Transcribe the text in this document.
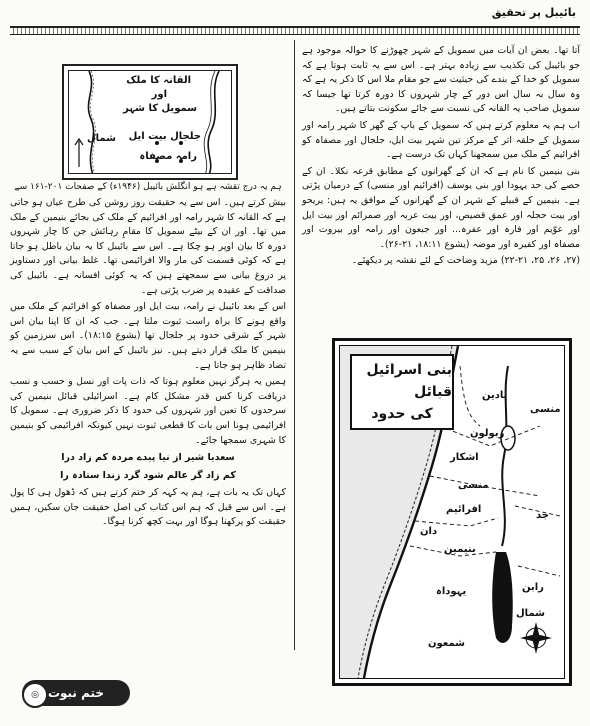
بائیبل پر تحقیق
القانہ کا ملک
اور
سمویل کا شہر
جلجال بیت ایل
رامہ مصفاہ
شمال
ہم یہ درج تقشہ ہے ہو انگلش بائیبل (۱۹۴۶ء) کے صفحات ۲۰۱-۱۶۱ سے

بیش کرتے ہیں۔ اس سے یہ حقیقت روز روشن کی طرح عیاں ہو جاتی ہے کہ القانہ کا شہر رامہ اور افرائیم کے ملک کی بجائے بنیمین کے ملک میں تھا۔ اور ان کے بیٹے سمویل کا مقامِ رہائش جن کا چار شہروں دورہ کا بیان اوپر ہو چکا ہے۔ اس سے بائیبل کا یہ بیان باطل ہو جاتا ہے کہ کوئی قسمت کی مار والا افرائیمی تھا۔ غلط بیانی اور دستاویز پر دروغ بیانی سے سمجھتے ہیں کہ یہ کوئی افسانہ ہے۔ بائیبل کی صداقت کے عقیدہ پر ضرب پڑتی ہے۔

اس کے بعد بائیبل نے رامہ، بیت ایل اور مصفاہ کو افرائیم کے ملک میں واقع ہونے کا براہ راست ثبوت ملتا ہے۔ جب کہ ان کا اپنا بیان اس شہر کے شرقی حدود پر جلجال تھا (یشوع ۱۸:۱۵)۔ اس سرزمین کو بنیمین کا ملک قرار دیتے ہیں۔ نیز بائیبل کے اس بیان کے سبب سے یہ تضاد ظاہر ہو جاتا ہے۔

ہمیں یہ ہرگز نہیں معلوم ہوتا کہ ذات پات اور نسل و حسب و نسب دریافت کرنا کس قدر مشکل کام ہے۔ اسرائیلی قبائل بنیمین کی سرحدوں کا تعین اور شہروں کی حدود کا ذکر ضروری ہے۔ سمویل کا افرائیمی ہونا اس بات کا قطعی ثبوت نہیں کیونکہ افرائیمی کو بنیمین کا شہری سمجھا جائے۔

سعدیا شیر از نیا پیدے مردہ کم زاد درا
کم زاد گر عالم شود گرد زندا ستادہ را

کہاں تک یہ بات ہے، ہم یہ کہہ کر ختم کرتے ہیں کہ ڈھول ہی کا پول ہے۔ اس سے قبل کہ ہم اس کتاب کی اصل حقیقت جان سکیں، ہمیں حقیقت کو پرکھنا ہوگا اور بہت کچھ کرنا ہوگا۔

آتا تھا۔ بعض ان آیات میں سمویل کے شہر چھوڑنے کا حوالہ موجود ہے جو بائیبل کی تکذیب سے زیادہ بہتر ہے۔ اس سے یہ ثابت ہوتا ہے کہ سمویل کو خدا کے بندے کی حیثیت سے جو مقام ملا اس کا ذکر یہ ہے کہ وہ سال بہ سال اس دور کے چار شہروں کا دورہ کرتا تھا جیسا کہ سمویل صاحب یہ القانہ کی نسبت سے جائے سکونت بتاتے ہیں۔

اب ہم یہ معلوم کرتے ہیں کہ سمویل کے باپ کے گھر کا شہر رامہ اور سمویل کے حلقہ اثر کے مرکز تین شہر بیت ایل، جلجال اور مصفاہ کو افرائیم کے ملک میں سمجھنا کہاں تک درست ہے۔

بنی بنیمین کا نام ہے کہ ان کے گھرانوں کے مطابق قرعہ نکلا۔ ان کے حصے کی حد یہودا اور بنی یوسف (افرائیم اور منسی) کے درمیان پڑتی ہے۔ بنیمین کے قبیلے کے شہر ان کے گھرانوں کے موافق یہ ہیں: یریحو اور بیت حجلہ اور عمق قصیص، اور بیت عربہ اور صمرائم اور بیت ایل اور عوّیم اور فارہ اور عفرہ... اور جبعون اور رامہ اور بیروت اور مصفاہ اور کفیرہ اور موضہ (یشوع ۱۸:۱۱، ۲۱-۲۶)۔

(۲۷، ۲۶، ۲۵، ۲۲-۲۱) مزید وضاحت کے لئے نقشہ پر دیکھئے۔

بنی اسرائیل قبائل
کی حدود
زبولون
اشکار
منسی
افرائیم
دان
بنیمین
یہوداہ
شمعون
جد
رابن
منسی
یادین
شمال
ختم نبوت
◎
